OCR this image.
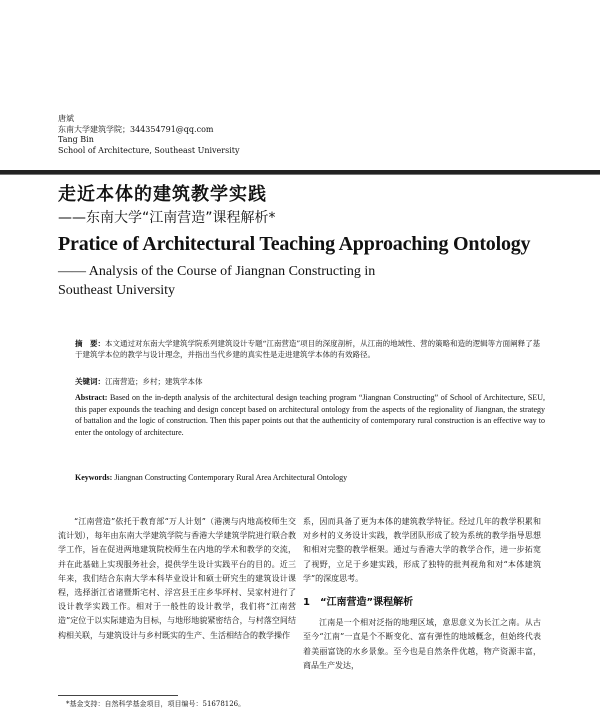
唐斌
东南大学建筑学院；344354791@qq.com
Tang Bin
School of Architecture, Southeast University
走近本体的建筑教学实践
——东南大学“江南营造”课程解析*
Pratice of Architectural Teaching Approaching Ontology
—— Analysis of the Course of Jiangnan Constructing in
Southeast University
摘　要：本文通过对东南大学建筑学院系列建筑设计专题“江南营造”项目的深度剖析，从江南的地域性、营的策略和造的逻辑等方面阐释了基于建筑学本位的教学与设计理念，并指出当代乡建的真实性是走进建筑学本体的有效路径。
关键词：江南营造；乡村；建筑学本体
Abstract: Based on the in-depth analysis of the architectural design teaching program “Jiangnan Constructing” of School of Architecture, SEU, this paper expounds the teaching and design concept based on architectural ontology from the aspects of the regionality of Jiangnan, the strategy of battalion and the logic of construction. Then this paper points out that the authenticity of contemporary rural construction is an effective way to enter the ontology of architecture.
Keywords: Jiangnan Constructing Contemporary Rural Area Architectural Ontology

“江南营造”依托于教育部“万人计划”（港澳与内地高校师生交流计划），每年由东南大学建筑学院与香港大学建筑学院进行联合教学工作，旨在促进两地建筑院校师生在内地的学术和教学的交流，并在此基础上实现服务社会，提供学生设计实践平台的目的。近三年来，我们结合东南大学本科毕业设计和硕士研究生的建筑设计课程，选择浙江省诸暨斯宅村、浮宫县王庄乡华坪村、吴家村进行了设计教学实践工作。相对于一般性的设计教学，我们将“江南营造”定位于以实际建造为目标，与地形地貌紧密结合，与村落空间结构相关联，与建筑设计与乡村既实的生产、生活相结合的教学操作

系，因而具备了更为本体的建筑教学特征。经过几年的教学积累和对乡村的义务设计实践，教学团队形成了较为系统的教学指导思想和相对完整的教学框架。通过与香港大学的教学合作，进一步拓宽了视野，立足于乡建实践，形成了独特的批判视角和对“本体建筑学”的深度思考。

1　“江南营造”课程解析

江南是一个相对泛指的地理区域，意思意义为长江之南。从古至今“江南”一直是个不断变化、富有弹性的地域概念，但始终代表着美丽富饶的水乡景象。至今也是自然条件优越，物产资源丰富，商品生产发达，

*基金支持：自然科学基金项目，项目编号：51678126。
